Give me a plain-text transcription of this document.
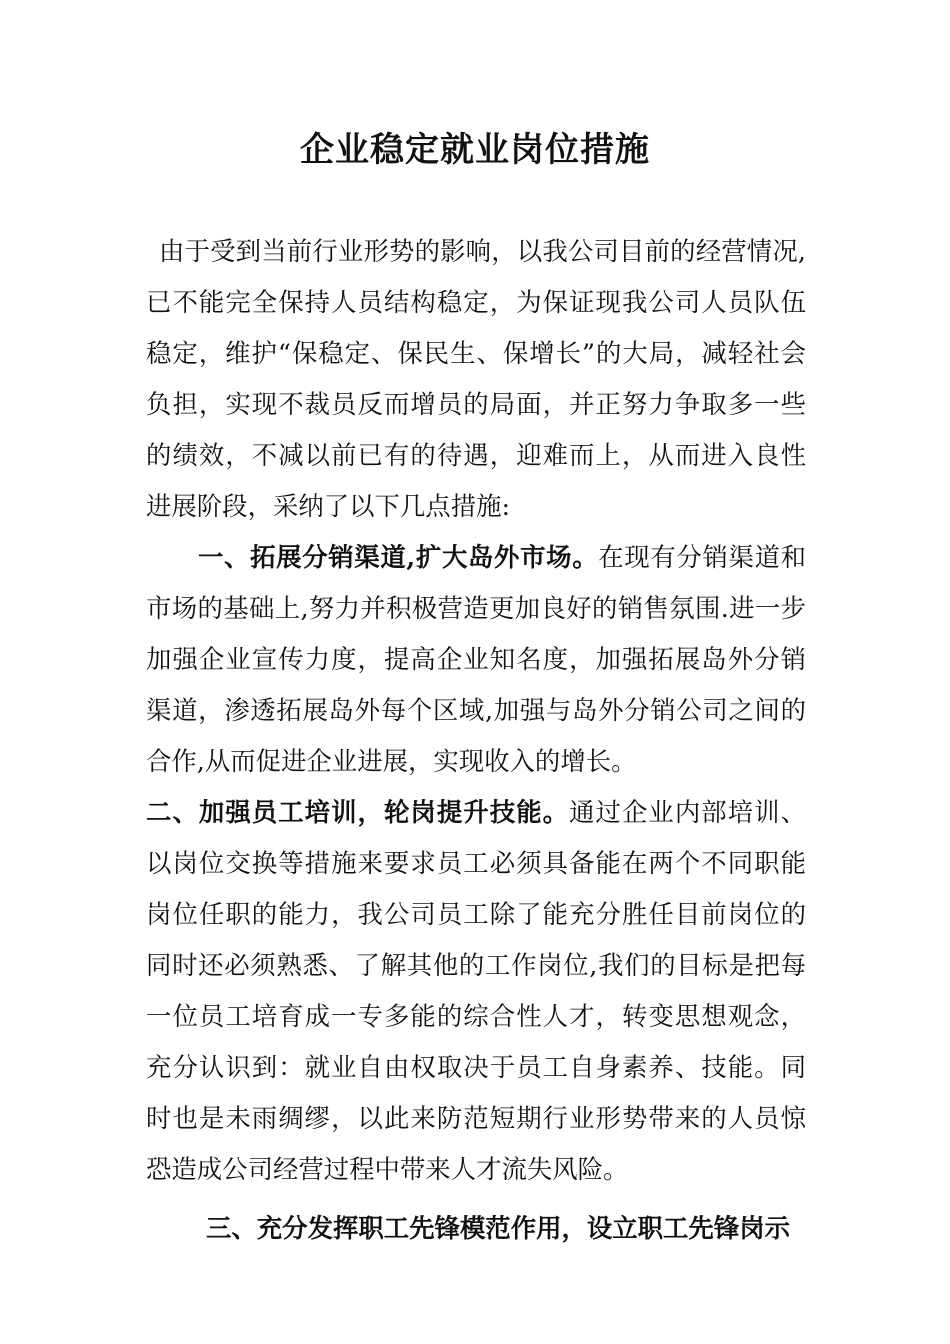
企业稳定就业岗位措施

由于受到当前行业形势的影响，以我公司目前的经营情况,已不能完全保持人员结构稳定，为保证现我公司人员队伍稳定，维护“保稳定、保民生、保增长”的大局，减轻社会负担，实现不裁员反而增员的局面，并正努力争取多一些的绩效，不减以前已有的待遇，迎难而上，从而进入良性进展阶段，采纳了以下几点措施:

一、拓展分销渠道,扩大岛外市场。在现有分销渠道和市场的基础上,努力并积极营造更加良好的销售氛围.进一步加强企业宣传力度，提高企业知名度，加强拓展岛外分销渠道，渗透拓展岛外每个区域,加强与岛外分销公司之间的合作,从而促进企业进展，实现收入的增长。

二、加强员工培训，轮岗提升技能。通过企业内部培训、以岗位交换等措施来要求员工必须具备能在两个不同职能岗位任职的能力，我公司员工除了能充分胜任目前岗位的同时还必须熟悉、了解其他的工作岗位,我们的目标是把每一位员工培育成一专多能的综合性人才，转变思想观念，充分认识到：就业自由权取决于员工自身素养、技能。同时也是未雨绸缪，以此来防范短期行业形势带来的人员惊恐造成公司经营过程中带来人才流失风险。

三、充分发挥职工先锋模范作用，设立职工先锋岗示
